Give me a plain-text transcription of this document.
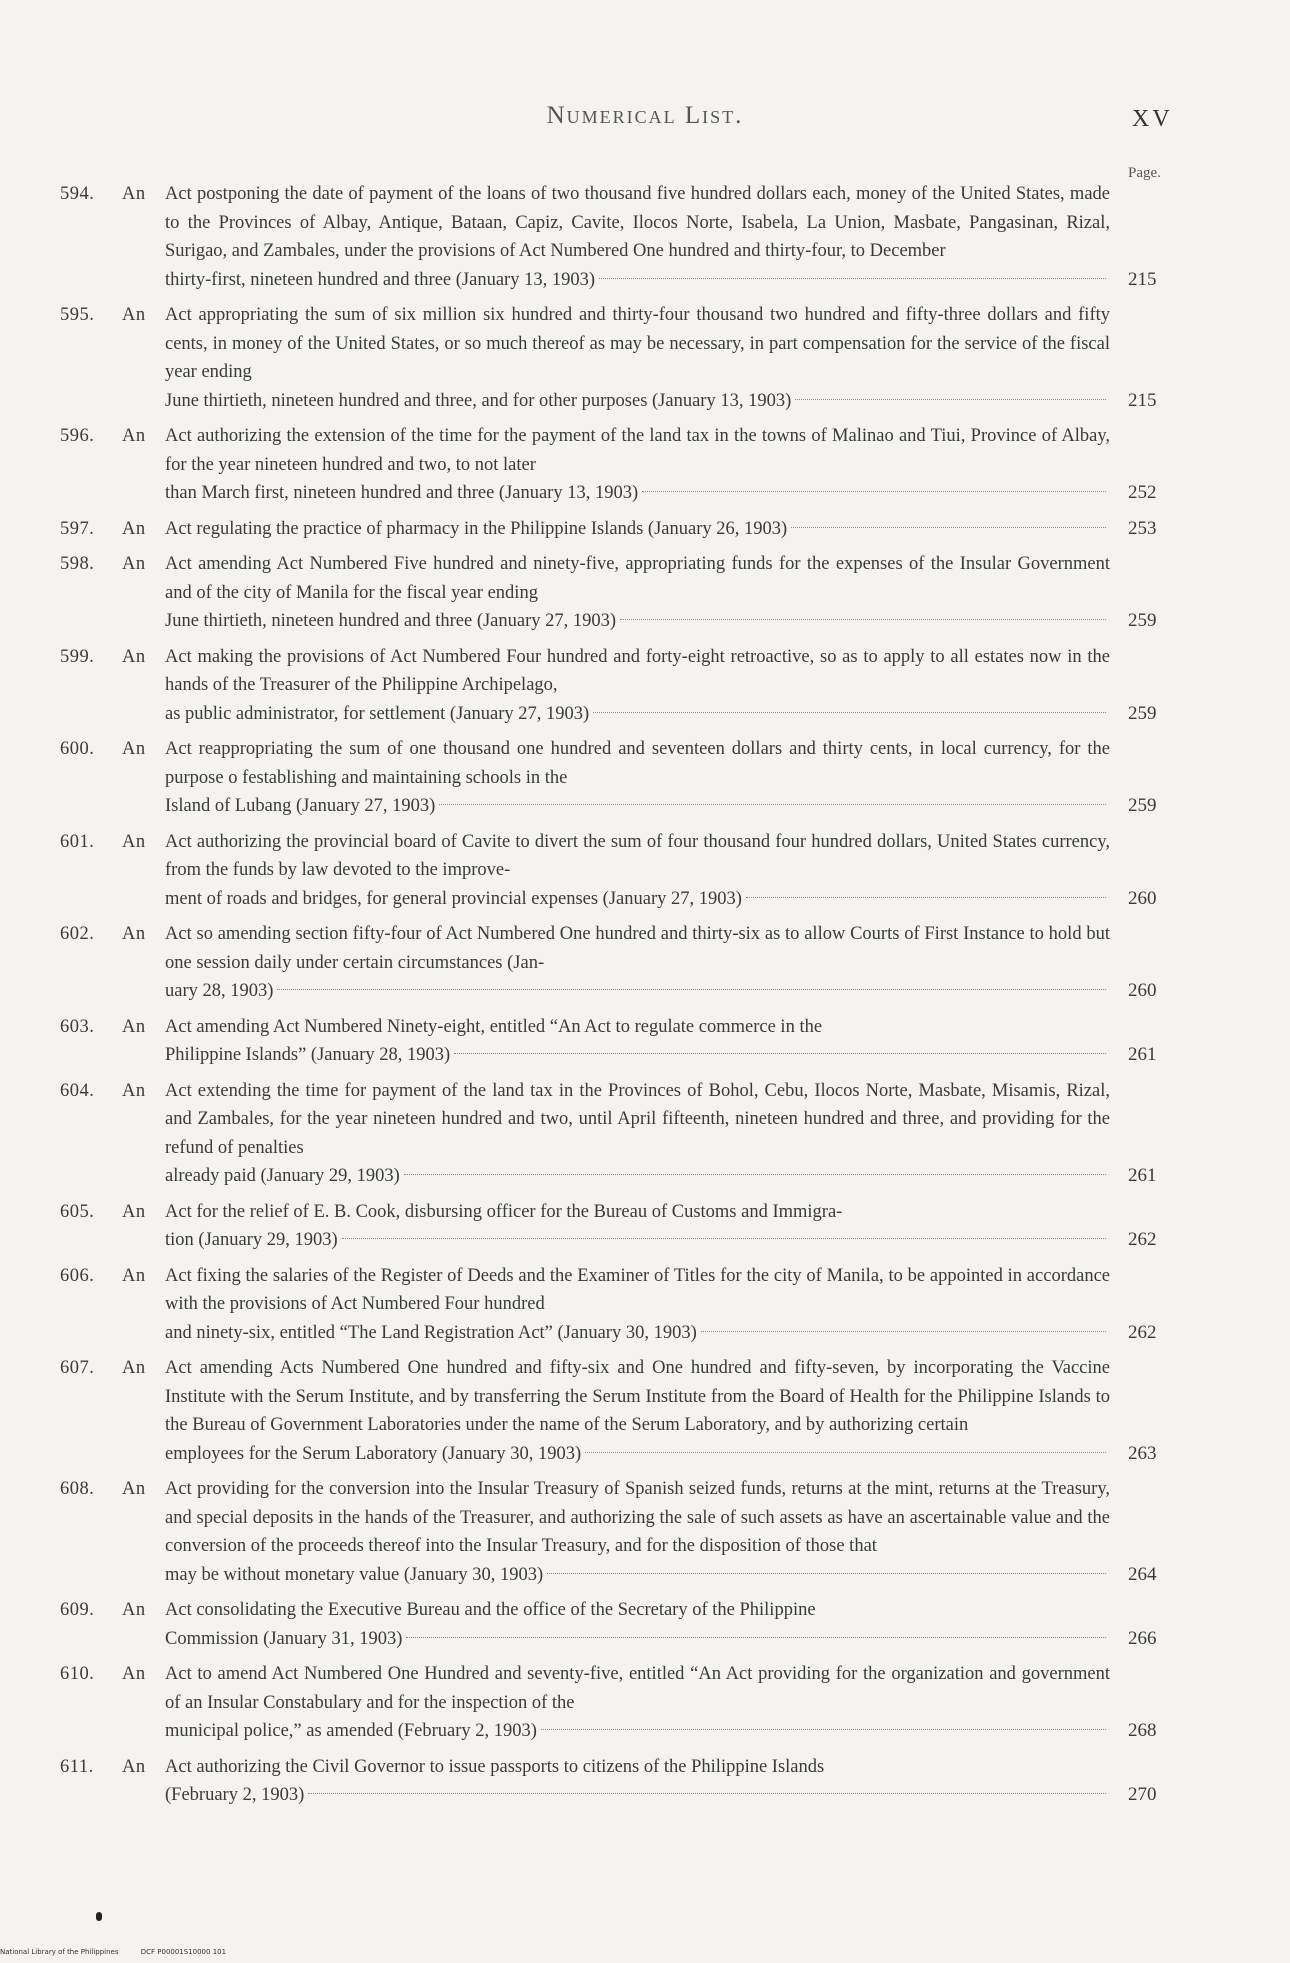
Numerical List.	XV
Page.
594. An	Act postponing the date of payment of the loans of two thousand five hundred dollars each, money of the United States, made to the Provinces of Albay, Antique, Bataan, Capiz, Cavite, Ilocos Norte, Isabela, La Union, Masbate, Pangasinan, Rizal, Surigao, and Zambales, under the provisions of Act Numbered One hundred and thirty-four, to December
thirty-first, nineteen hundred and three (January 13, 1903)	215
595. An	Act appropriating the sum of six million six hundred and thirty-four thousand two hundred and fifty-three dollars and fifty cents, in money of the United States, or so much thereof as may be necessary, in part compensation for the service of the fiscal year ending
June thirtieth, nineteen hundred and three, and for other purposes (January 13, 1903)	215
596. An	Act authorizing the extension of the time for the payment of the land tax in the towns of Malinao and Tiui, Province of Albay, for the year nineteen hundred and two, to not later
than March first, nineteen hundred and three (January 13, 1903)	252
597. An	Act regulating the practice of pharmacy in the Philippine Islands (January 26, 1903)	253
598. An	Act amending Act Numbered Five hundred and ninety-five, appropriating funds for the expenses of the Insular Government and of the city of Manila for the fiscal year ending
June thirtieth, nineteen hundred and three (January 27, 1903)	259
599. An	Act making the provisions of Act Numbered Four hundred and forty-eight retroactive, so as to apply to all estates now in the hands of the Treasurer of the Philippine Archipelago,
as public administrator, for settlement (January 27, 1903)	259
600. An	Act reappropriating the sum of one thousand one hundred and seventeen dollars and thirty cents, in local currency, for the purpose o festablishing and maintaining schools in the
Island of Lubang (January 27, 1903)	259
601. An	Act authorizing the provincial board of Cavite to divert the sum of four thousand four hundred dollars, United States currency, from the funds by law devoted to the improve-
ment of roads and bridges, for general provincial expenses (January 27, 1903)	260
602. An	Act so amending section fifty-four of Act Numbered One hundred and thirty-six as to allow Courts of First Instance to hold but one session daily under certain circumstances (Jan-
uary 28, 1903)	260
603. An	Act amending Act Numbered Ninety-eight, entitled “An Act to regulate commerce in the
Philippine Islands” (January 28, 1903)	261
604. An	Act extending the time for payment of the land tax in the Provinces of Bohol, Cebu, Ilocos Norte, Masbate, Misamis, Rizal, and Zambales, for the year nineteen hundred and two, until April fifteenth, nineteen hundred and three, and providing for the refund of penalties
already paid (January 29, 1903)	261
605. An	Act for the relief of E. B. Cook, disbursing officer for the Bureau of Customs and Immigra-
tion (January 29, 1903)	262
606. An	Act fixing the salaries of the Register of Deeds and the Examiner of Titles for the city of Manila, to be appointed in accordance with the provisions of Act Numbered Four hundred
and ninety-six, entitled “The Land Registration Act” (January 30, 1903)	262
607. An	Act amending Acts Numbered One hundred and fifty-six and One hundred and fifty-seven, by incorporating the Vaccine Institute with the Serum Institute, and by transferring the Serum Institute from the Board of Health for the Philippine Islands to the Bureau of Government Laboratories under the name of the Serum Laboratory, and by authorizing certain
employees for the Serum Laboratory (January 30, 1903)	263
608. An	Act providing for the conversion into the Insular Treasury of Spanish seized funds, returns at the mint, returns at the Treasury, and special deposits in the hands of the Treasurer, and authorizing the sale of such assets as have an ascertainable value and the conversion of the proceeds thereof into the Insular Treasury, and for the disposition of those that
may be without monetary value (January 30, 1903)	264
609. An	Act consolidating the Executive Bureau and the office of the Secretary of the Philippine
Commission (January 31, 1903)	266
610. An	Act to amend Act Numbered One Hundred and seventy-five, entitled “An Act providing for the organization and government of an Insular Constabulary and for the inspection of the
municipal police,” as amended (February 2, 1903)	268
611. An	Act authorizing the Civil Governor to issue passports to citizens of the Philippine Islands
(February 2, 1903)	270
National Library of the Philippines	DCF P00001S10000 101
